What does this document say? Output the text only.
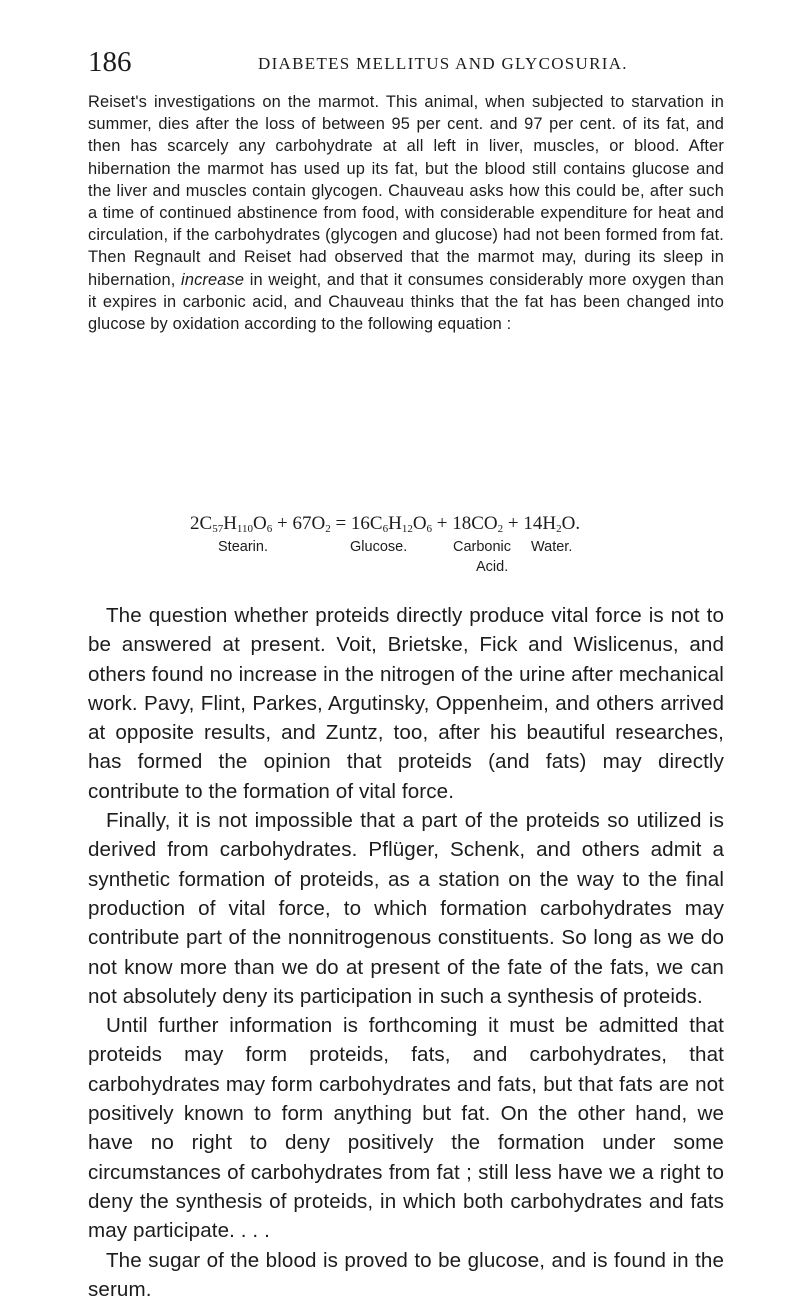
186	DIABETES MELLITUS AND GLYCOSURIA.

Reiset's investigations on the marmot. This animal, when subjected to starvation in summer, dies after the loss of between 95 per cent. and 97 per cent. of its fat, and then has scarcely any carbohydrate at all left in liver, muscles, or blood. After hibernation the marmot has used up its fat, but the blood still contains glucose and the liver and muscles contain glycogen. Chauveau asks how this could be, after such a time of continued abstinence from food, with considerable expenditure for heat and circulation, if the carbohydrates (glycogen and glucose) had not been formed from fat. Then Regnault and Reiset had observed that the marmot may, during its sleep in hibernation, increase in weight, and that it consumes considerably more oxygen than it expires in carbonic acid, and Chauveau thinks that the fat has been changed into glucose by oxidation according to the following equation :

$2C_{57}H_{110}O_6 + 67O_2 = 16C_6H_{12}O_6 + 18CO_2 + 14H_2O$.
Stearin.	Glucose.	Carbonic Water.
Acid.

The question whether proteids directly produce vital force is not to be answered at present. Voit, Brietske, Fick and Wislicenus, and others found no increase in the nitrogen of the urine after mechanical work. Pavy, Flint, Parkes, Argutinsky, Oppenheim, and others arrived at opposite results, and Zuntz, too, after his beautiful researches, has formed the opinion that proteids (and fats) may directly contribute to the formation of vital force.

Finally, it is not impossible that a part of the proteids so utilized is derived from carbohydrates. Pflüger, Schenk, and others admit a synthetic formation of proteids, as a station on the way to the final production of vital force, to which formation carbohydrates may contribute part of the nonnitrogenous constituents. So long as we do not know more than we do at present of the fate of the fats, we can not absolutely deny its participation in such a synthesis of proteids.

Until further information is forthcoming it must be admitted that proteids may form proteids, fats, and carbohydrates, that carbohydrates may form carbohydrates and fats, but that fats are not positively known to form anything but fat. On the other hand, we have no right to deny positively the formation under some circumstances of carbohydrates from fat ; still less have we a right to deny the synthesis of proteids, in which both carbohydrates and fats may participate. . . .

The sugar of the blood is proved to be glucose, and is found in the serum.
